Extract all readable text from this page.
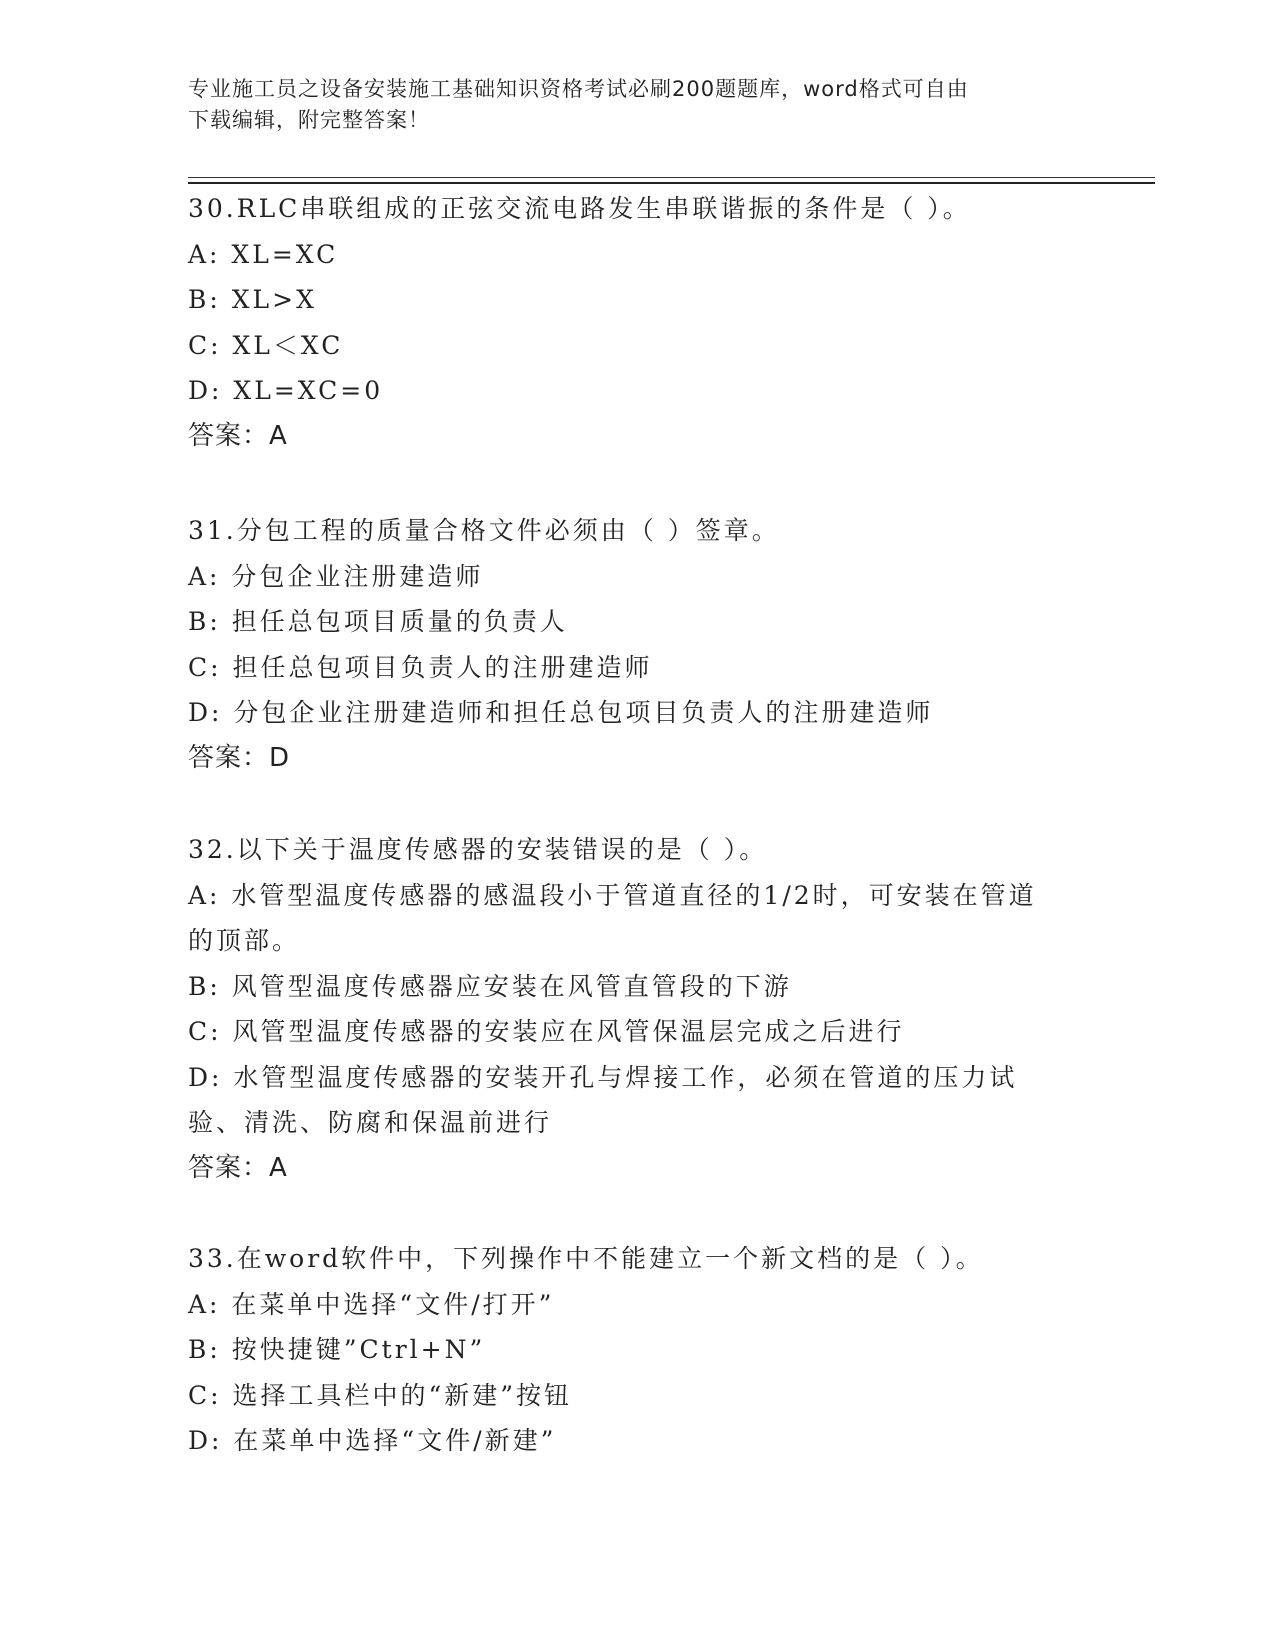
专业施工员之设备安装施工基础知识资格考试必刷200题题库，word格式可自由
下载编辑，附完整答案！
30.RLC串联组成的正弦交流电路发生串联谐振的条件是（ ）。
A: XL=XC
B: XL>X
C: XL＜XC
D: XL=XC=0
答案：A
31.分包工程的质量合格文件必须由（ ）签章。
A: 分包企业注册建造师
B: 担任总包项目质量的负责人
C: 担任总包项目负责人的注册建造师
D: 分包企业注册建造师和担任总包项目负责人的注册建造师
答案：D
32.以下关于温度传感器的安装错误的是（ ）。
A: 水管型温度传感器的感温段小于管道直径的1/2时，可安装在管道的顶部。
B: 风管型温度传感器应安装在风管直管段的下游
C: 风管型温度传感器的安装应在风管保温层完成之后进行
D: 水管型温度传感器的安装开孔与焊接工作，必须在管道的压力试验、清洗、防腐和保温前进行
答案：A
33.在word软件中，下列操作中不能建立一个新文档的是（ ）。
A: 在菜单中选择“文件/打开”
B: 按快捷键”Ctrl+N”
C: 选择工具栏中的“新建”按钮
D: 在菜单中选择“文件/新建”
